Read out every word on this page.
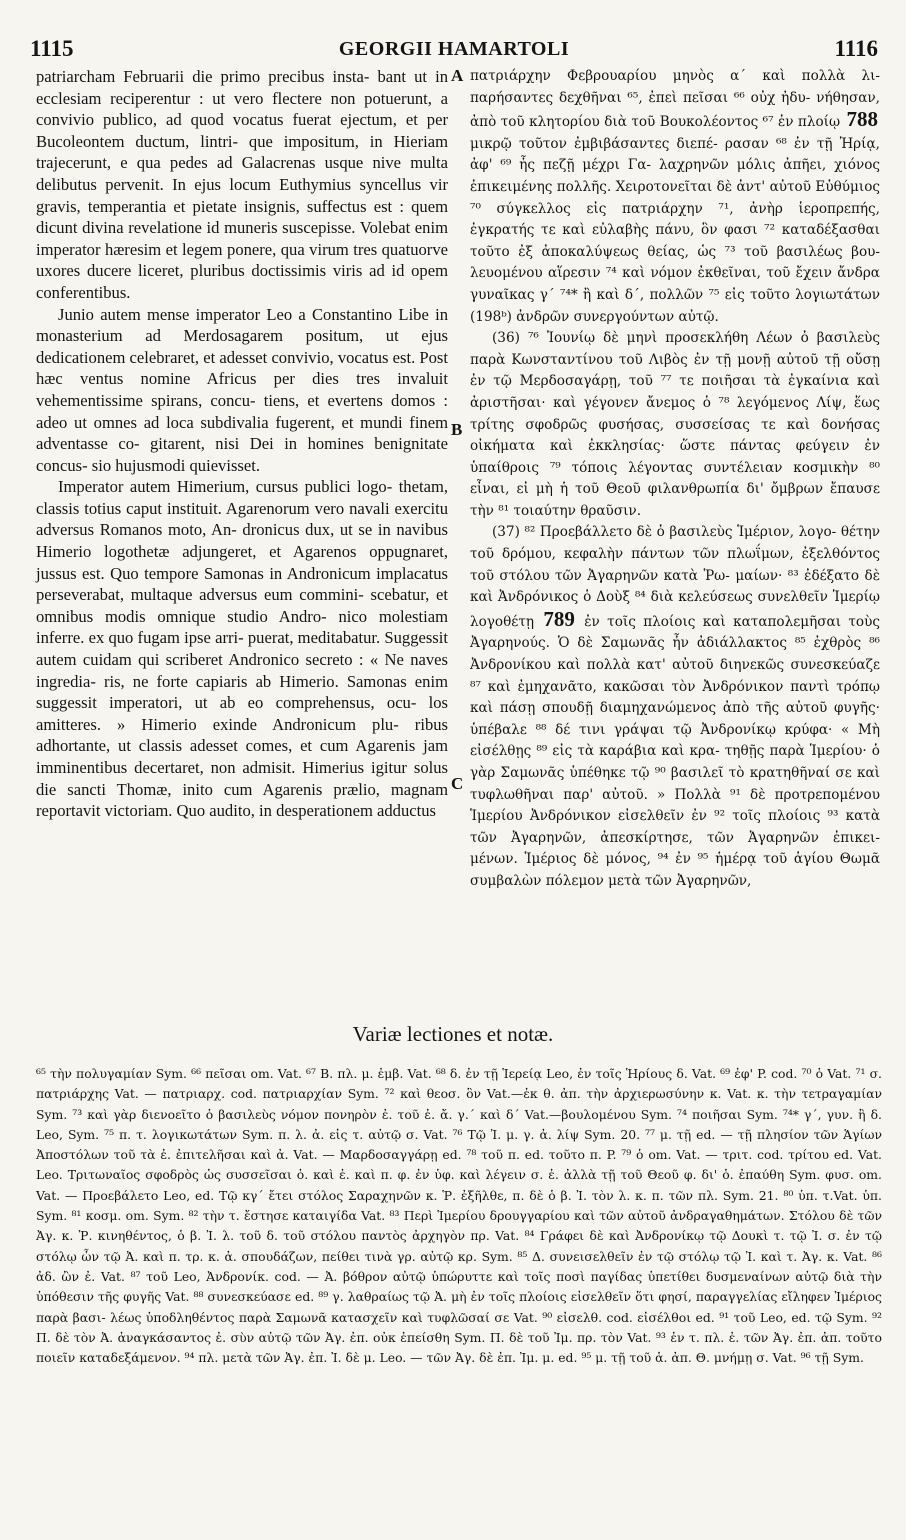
1115	GEORGII HAMARTOLI	1116

patriarcham Februarii die primo precibus insta- bant ut in ecclesiam reciperentur : ut vero flectere non potuerunt, a convivio publico, ad quod vocatus fuerat ejectum, et per Bucoleontem ductum, lintri- que impositum, in Hieriam trajecerunt, e qua pedes ad Galacrenas usque nive multa delibutus pervenit. In ejus locum Euthymius syncellus vir gravis, temperantia et pietate insignis, suffectus est : quem dicunt divina revelatione id muneris suscepisse. Volebat enim imperator hæresim et legem ponere, qua virum tres quatuorve uxores ducere liceret, pluribus doctissimis viris ad id opem conferentibus.

Junio autem mense imperator Leo a Constantino Libe in monasterium ad Merdosagarem positum, ut ejus dedicationem celebraret, et adesset convivio, vocatus est. Post hæc ventus nomine Africus per dies tres invaluit vehementissime spirans, concu- tiens, et evertens domos : adeo ut omnes ad loca subdivalia fugerent, et mundi finem adventasse co- gitarent, nisi Dei in homines benignitate concus- sio hujusmodi quievisset.

Imperator autem Himerium, cursus publici logo- thetam, classis totius caput instituit. Agarenorum vero navali exercitu adversus Romanos moto, An- dronicus dux, ut se in navibus Himerio logothetæ adjungeret, et Agarenos oppugnaret, jussus est. Quo tempore Samonas in Andronicum implacatus perseverabat, multaque adversus eum commini- scebatur, et omnibus modis omnique studio Andro- nico molestiam inferre. ex quo fugam ipse arri- puerat, meditabatur. Suggessit autem cuidam qui scriberet Andronico secreto : « Ne naves ingredia- ris, ne forte capiaris ab Himerio. Samonas enim suggessit imperatori, ut ab eo comprehensus, ocu- los amitteres. » Himerio exinde Andronicum plu- ribus adhortante, ut classis adesset comes, et cum Agarenis jam imminentibus decertaret, non admisit. Himerius igitur solus die sancti Thomæ, inito cum Agarenis prælio, magnam reportavit victoriam. Quo audito, in desperationem adductus

A
B
C

πατριάρχην Φεβρουαρίου μηνὸς α´ καὶ πολλὰ λι- παρήσαντες δεχθῆναι ⁶⁵, ἐπεὶ πεῖσαι ⁶⁶ οὐχ ἠδυ- νήθησαν, ἀπὸ τοῦ κλητορίου διὰ τοῦ Βουκολέοντος ⁶⁷ ἐν πλοίῳ 788 μικρῷ τοῦτον ἐμβιβάσαντες διεπέ- ρασαν ⁶⁸ ἐν τῇ Ἡρίᾳ, ἀφ' ⁶⁹ ἧς πεζῇ μέχρι Γα- λαχρηνῶν μόλις ἀπῆει, χιόνος ἐπικειμένης πολλῆς. Χειροτονεῖται δὲ ἀντ' αὐτοῦ Εὐθύμιος ⁷⁰ σύγκελλος εἰς πατριάρχην ⁷¹, ἀνὴρ ἱεροπρεπής, ἐγκρατής τε καὶ εὐλαβὴς πάνυ, ὃν φασι ⁷² καταδέξασθαι τοῦτο ἐξ ἀποκαλύψεως θείας, ὡς ⁷³ τοῦ βασιλέως βου- λευομένου αἵρεσιν ⁷⁴ καὶ νόμον ἐκθεῖναι, τοῦ ἔχειν ἄνδρα γυναῖκας γ´ ⁷⁴* ἢ καὶ δ´, πολλῶν ⁷⁵ εἰς τοῦτο λογιωτάτων (198ᵇ) ἀνδρῶν συνεργούντων αὐτῷ.

(36) ⁷⁶ Ἰουνίῳ δὲ μηνὶ προσεκλήθη Λέων ὁ βασιλεὺς παρὰ Κωνσταντίνου τοῦ Λιβὸς ἐν τῇ μονῇ αὐτοῦ τῇ οὔσῃ ἐν τῷ Μερδοσαγάρῃ, τοῦ ⁷⁷ τε ποιῆσαι τὰ ἐγκαίνια καὶ ἀριστῆσαι· καὶ γέγονεν ἄνεμος ὁ ⁷⁸ λεγόμενος Λίψ, ἕως τρίτης σφοδρῶς φυσήσας, συσσείσας τε καὶ δονήσας οἰκήματα καὶ ἐκκλησίας· ὥστε πάντας φεύγειν ἐν ὑπαίθροις ⁷⁹ τόποις λέγοντας συντέλειαν κοσμικὴν ⁸⁰ εἶναι, εἰ μὴ ἡ τοῦ Θεοῦ φιλανθρωπία δι' ὄμβρων ἔπαυσε τὴν ⁸¹ τοιαύτην θραῦσιν.

(37) ⁸² Προεβάλλετο δὲ ὁ βασιλεὺς Ἱμέριον, λογο- θέτην τοῦ δρόμου, κεφαλὴν πάντων τῶν πλωΐμων, ἐξελθόντος τοῦ στόλου τῶν Ἀγαρηνῶν κατὰ Ῥω- μαίων· ⁸³ ἐδέξατο δὲ καὶ Ἀνδρόνικος ὁ Δοὺξ ⁸⁴ διὰ κελεύσεως συνελθεῖν Ἱμερίῳ λογοθέτῃ 789 ἐν τοῖς πλοίοις καὶ καταπολεμῆσαι τοὺς Ἀγαρηνούς. Ὁ δὲ Σαμωνᾶς ἦν ἀδιάλλακτος ⁸⁵ ἐχθρὸς ⁸⁶ Ἀνδρονίκου καὶ πολλὰ κατ' αὐτοῦ διηνεκῶς συνεσκεύαζε ⁸⁷ καὶ ἐμηχανᾶτο, κακῶσαι τὸν Ἀνδρόνικον παντὶ τρόπῳ καὶ πάσῃ σπουδῇ διαμηχανώμενος ἀπὸ τῆς αὐτοῦ φυγῆς· ὑπέβαλε ⁸⁸ δέ τινι γράψαι τῷ Ἀνδρονίκῳ κρύφα· « Μὴ εἰσέλθῃς ⁸⁹ εἰς τὰ καράβια καὶ κρα- τηθῇς παρὰ Ἱμερίου· ὁ γὰρ Σαμωνᾶς ὑπέθηκε τῷ ⁹⁰ βασιλεῖ τὸ κρατηθῆναί σε καὶ τυφλωθῆναι παρ' αὐτοῦ. » Πολλὰ ⁹¹ δὲ προτρεπομένου Ἱμερίου Ἀνδρόνικον εἰσελθεῖν ἐν ⁹² τοῖς πλοίοις ⁹³ κατὰ τῶν Ἀγαρηνῶν, ἀπεσκίρτησε, τῶν Ἀγαρηνῶν ἐπικει- μένων. Ἱμέριος δὲ μόνος, ⁹⁴ ἐν ⁹⁵ ἡμέρᾳ τοῦ ἁγίου Θωμᾶ συμβαλὼν πόλεμον μετὰ τῶν Ἀγαρηνῶν,

Variæ lectiones et notæ.
⁶⁵ τὴν πολυγαμίαν Sym. ⁶⁶ πεῖσαι om. Vat. ⁶⁷ Β. πλ. μ. ἐμβ. Vat. ⁶⁸ δ. ἐν τῇ Ἱερείᾳ Leo, ἐν τοῖς Ἡρίους δ. Vat. ⁶⁹ ἐφ' P. cod. ⁷⁰ ὁ Vat. ⁷¹ σ. πατριάρχης Vat. — πατριαρχ. cod. πατριαρχίαν Sym. ⁷² καὶ θεοσ. ὃν Vat.—ἐκ θ. ἀπ. τὴν ἀρχιερωσύνην κ. Vat. κ. τὴν τετραγαμίαν Sym. ⁷³ καὶ γὰρ διενοεῖτο ὁ βασιλεὺς νόμον πονηρὸν ἐ. τοῦ ἐ. ἄ. γ.´ καὶ δ´ Vat.—βουλομένου Sym. ⁷⁴ ποιῆσαι Sym. ⁷⁴* γ´, γυν. ἢ δ. Leo, Sym. ⁷⁵ π. τ. λογικωτάτων Sym. π. λ. ἀ. εἰς τ. αὐτῷ σ. Vat. ⁷⁶ Τῷ Ἰ. μ. γ. ἀ. λίψ Sym. 20. ⁷⁷ μ. τῇ ed. — τῇ πλησίον τῶν Ἁγίων Ἀποστόλων τοῦ τὰ ἐ. ἐπιτελῆσαι καὶ ἀ. Vat. — Μαρδοσαγγάρῃ ed. ⁷⁸ τοῦ π. ed. τοῦτο π. P. ⁷⁹ ὁ om. Vat. — τριτ. cod. τρίτου ed. Vat. Leo. Τριτωναῖος σφοδρὸς ὡς συσσεῖσαι ὁ. καὶ ἐ. καὶ π. φ. ἐν ὑφ. καὶ λέγειν σ. ἐ. ἀλλὰ τῇ τοῦ Θεοῦ φ. δι' ὁ. ἐπαύθη Sym. φυσ. om. Vat. — Προεβάλετο Leo, ed. Τῷ κγ´ ἔτει στόλος Σαραχηνῶν κ. Ῥ. ἐξῆλθε, π. δὲ ὁ β. Ἰ. τὸν λ. κ. π. τῶν πλ. Sym. 21. ⁸⁰ ὑπ. τ.Vat. ὑπ. Sym. ⁸¹ κοσμ. om. Sym. ⁸² τὴν τ. ἔστησε καταιγίδα Vat. ⁸³ Περὶ Ἱμερίου δρουγγαρίου καὶ τῶν αὐτοῦ ἀνδραγαθημάτων. Στόλου δὲ τῶν Ἀγ. κ. Ῥ. κινηθέντος, ὁ β. Ἰ. λ. τοῦ δ. τοῦ στόλου παντὸς ἀρχηγὸν πρ. Vat. ⁸⁴ Γράφει δὲ καὶ Ἀνδρονίκῳ τῷ Δουκὶ τ. τῷ Ἰ. σ. ἐν τῷ στόλῳ ὧν τῷ Ἀ. καὶ π. τρ. κ. ἀ. σπουδάζων, πείθει τινὰ γρ. αὐτῷ κρ. Sym. ⁸⁵ Δ. συνεισελθεῖν ἐν τῷ στόλῳ τῷ Ἰ. καὶ τ. Ἀγ. κ. Vat. ⁸⁶ ἀδ. ὢν ἐ. Vat. ⁸⁷ τοῦ Leo, Ἀνδρονίκ. cod. — Ἀ. βόθρον αὐτῷ ὑπώρυττε καὶ τοῖς ποσὶ παγίδας ὑπετίθει δυσμεναίνων αὐτῷ διὰ τὴν ὑπόθεσιν τῆς φυγῆς Vat. ⁸⁸ συνεσκεύασε ed. ⁸⁹ γ. λαθραίως τῷ Ἀ. μὴ ἐν τοῖς πλοίοις εἰσελθεῖν ὅτι φησί, παραγγελίας εἴληφεν Ἱμέριος παρὰ βασι- λέως ὑποδληθέντος παρὰ Σαμωνᾶ κατασχεῖν καὶ τυφλῶσαί σε Vat. ⁹⁰ εἰσελθ. cod. εἰσέλθοι ed. ⁹¹ τοῦ Leo, ed. τῷ Sym. ⁹² Π. δὲ τὸν Ἀ. ἀναγκάσαντος ἐ. σὺν αὐτῷ τῶν Ἀγ. ἐπ. οὐκ ἐπείσθη Sym. Π. δὲ τοῦ Ἰμ. πρ. τὸν Vat. ⁹³ ἐν τ. πλ. ἐ. τῶν Ἀγ. ἐπ. ἀπ. τοῦτο ποιεῖν καταδεξάμενον. ⁹⁴ πλ. μετὰ τῶν Ἀγ. ἐπ. Ἰ. δὲ μ. Leo. — τῶν Ἀγ. δὲ ἐπ. Ἰμ. μ. ed. ⁹⁵ μ. τῇ τοῦ ἁ. ἀπ. Θ. μνήμῃ σ. Vat. ⁹⁶ τῇ Sym.
